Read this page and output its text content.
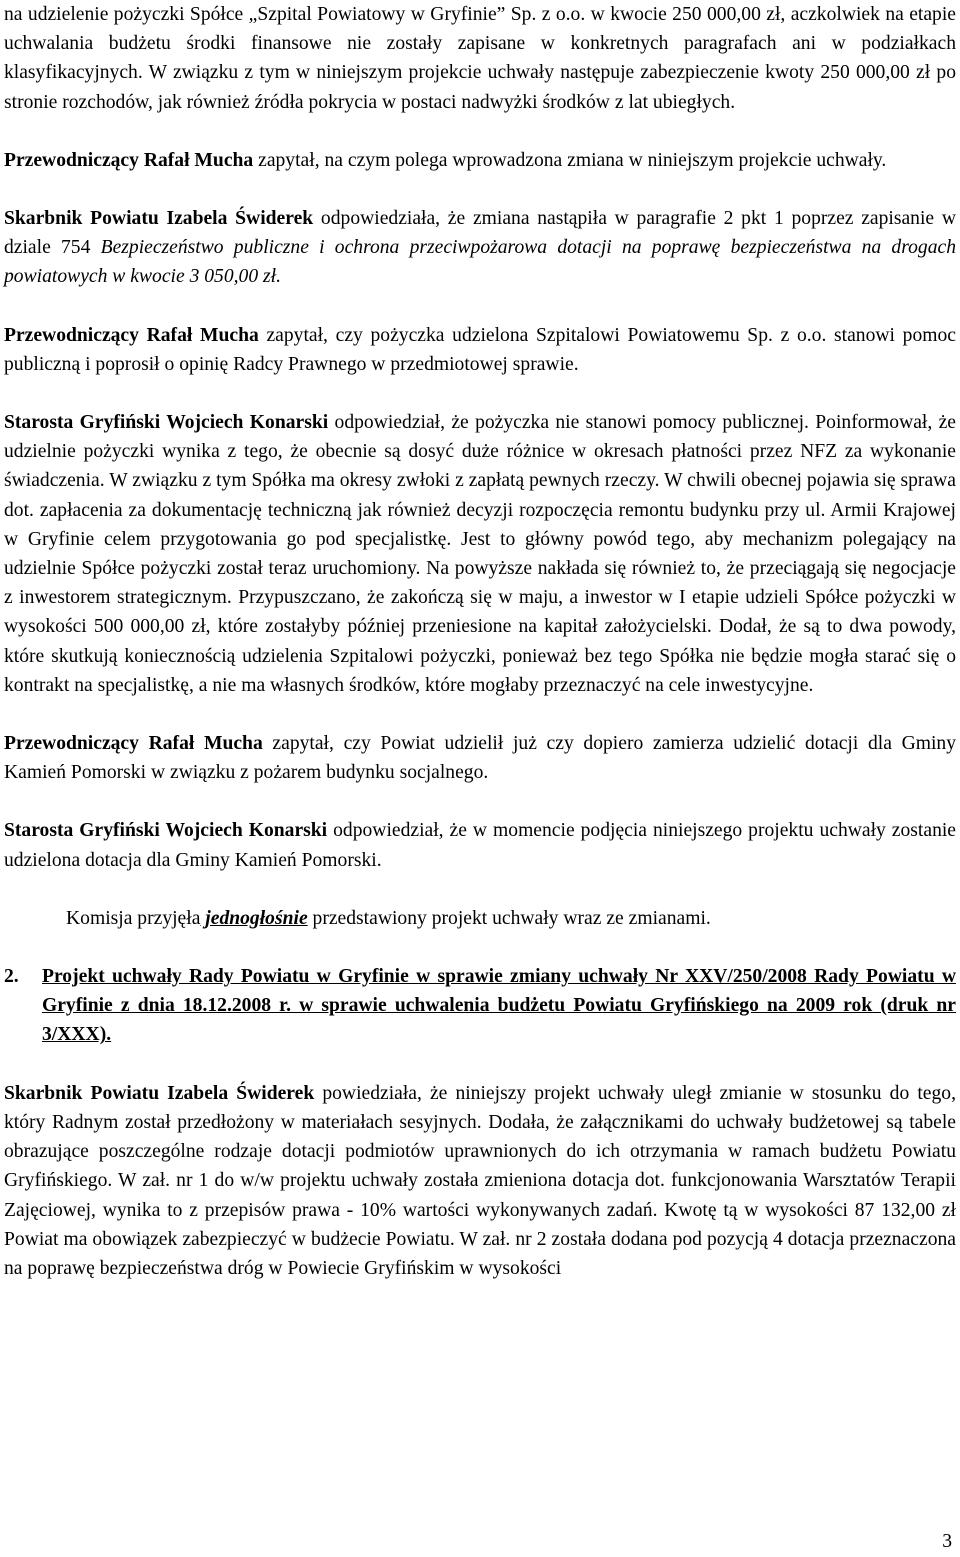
na udzielenie pożyczki Spółce „Szpital Powiatowy w Gryfinie” Sp. z o.o. w kwocie 250 000,00 zł, aczkolwiek na etapie uchwalania budżetu środki finansowe nie zostały zapisane w konkretnych paragrafach ani w podziałkach klasyfikacyjnych. W związku z tym w niniejszym projekcie uchwały następuje zabezpieczenie kwoty 250 000,00 zł po stronie rozchodów, jak również źródła pokrycia w postaci nadwyżki środków z lat ubiegłych.

Przewodniczący Rafał Mucha zapytał, na czym polega wprowadzona zmiana w niniejszym projekcie uchwały.

Skarbnik Powiatu Izabela Świderek odpowiedziała, że zmiana nastąpiła w paragrafie 2 pkt 1 poprzez zapisanie w dziale 754 Bezpieczeństwo publiczne i ochrona przeciwpożarowa dotacji na poprawę bezpieczeństwa na drogach powiatowych w kwocie 3 050,00 zł.

Przewodniczący Rafał Mucha zapytał, czy pożyczka udzielona Szpitalowi Powiatowemu Sp. z o.o. stanowi pomoc publiczną i poprosił o opinię Radcy Prawnego w przedmiotowej sprawie.

Starosta Gryfiński Wojciech Konarski odpowiedział, że pożyczka nie stanowi pomocy publicznej. Poinformował, że udzielnie pożyczki wynika z tego, że obecnie są dosyć duże różnice w okresach płatności przez NFZ za wykonanie świadczenia. W związku z tym Spółka ma okresy zwłoki z zapłatą pewnych rzeczy. W chwili obecnej pojawia się sprawa dot. zapłacenia za dokumentację techniczną jak również decyzji rozpoczęcia remontu budynku przy ul. Armii Krajowej w Gryfinie celem przygotowania go pod specjalistkę. Jest to główny powód tego, aby mechanizm polegający na udzielnie Spółce pożyczki został teraz uruchomiony. Na powyższe nakłada się również to, że przeciągają się negocjacje z inwestorem strategicznym. Przypuszczano, że zakończą się w maju, a inwestor w I etapie udzieli Spółce pożyczki w wysokości 500 000,00 zł, które zostałyby później przeniesione na kapitał założycielski. Dodał, że są to dwa powody, które skutkują koniecznością udzielenia Szpitalowi pożyczki, ponieważ bez tego Spółka nie będzie mogła starać się o kontrakt na specjalistkę, a nie ma własnych środków, które mogłaby przeznaczyć na cele inwestycyjne.

Przewodniczący Rafał Mucha zapytał, czy Powiat udzielił już czy dopiero zamierza udzielić dotacji dla Gminy Kamień Pomorski w związku z pożarem budynku socjalnego.

Starosta Gryfiński Wojciech Konarski odpowiedział, że w momencie podjęcia niniejszego projektu uchwały zostanie udzielona dotacja dla Gminy Kamień Pomorski.

Komisja przyjęła jednogłośnie przedstawiony projekt uchwały wraz ze zmianami.

2.	Projekt uchwały Rady Powiatu w Gryfinie w sprawie zmiany uchwały Nr XXV/250/2008 Rady Powiatu w Gryfinie z dnia 18.12.2008 r. w sprawie uchwalenia budżetu Powiatu Gryfińskiego na 2009 rok (druk nr 3/XXX).

Skarbnik Powiatu Izabela Świderek powiedziała, że niniejszy projekt uchwały uległ zmianie w stosunku do tego, który Radnym został przedłożony w materiałach sesyjnych. Dodała, że załącznikami do uchwały budżetowej są tabele obrazujące poszczególne rodzaje dotacji podmiotów uprawnionych do ich otrzymania w ramach budżetu Powiatu Gryfińskiego. W zał. nr 1 do w/w projektu uchwały została zmieniona dotacja dot. funkcjonowania Warsztatów Terapii Zajęciowej, wynika to z przepisów prawa - 10% wartości wykonywanych zadań. Kwotę tą w wysokości 87 132,00 zł Powiat ma obowiązek zabezpieczyć w budżecie Powiatu. W zał. nr 2 została dodana pod pozycją 4 dotacja przeznaczona na poprawę bezpieczeństwa dróg w Powiecie Gryfińskim w wysokości

3
